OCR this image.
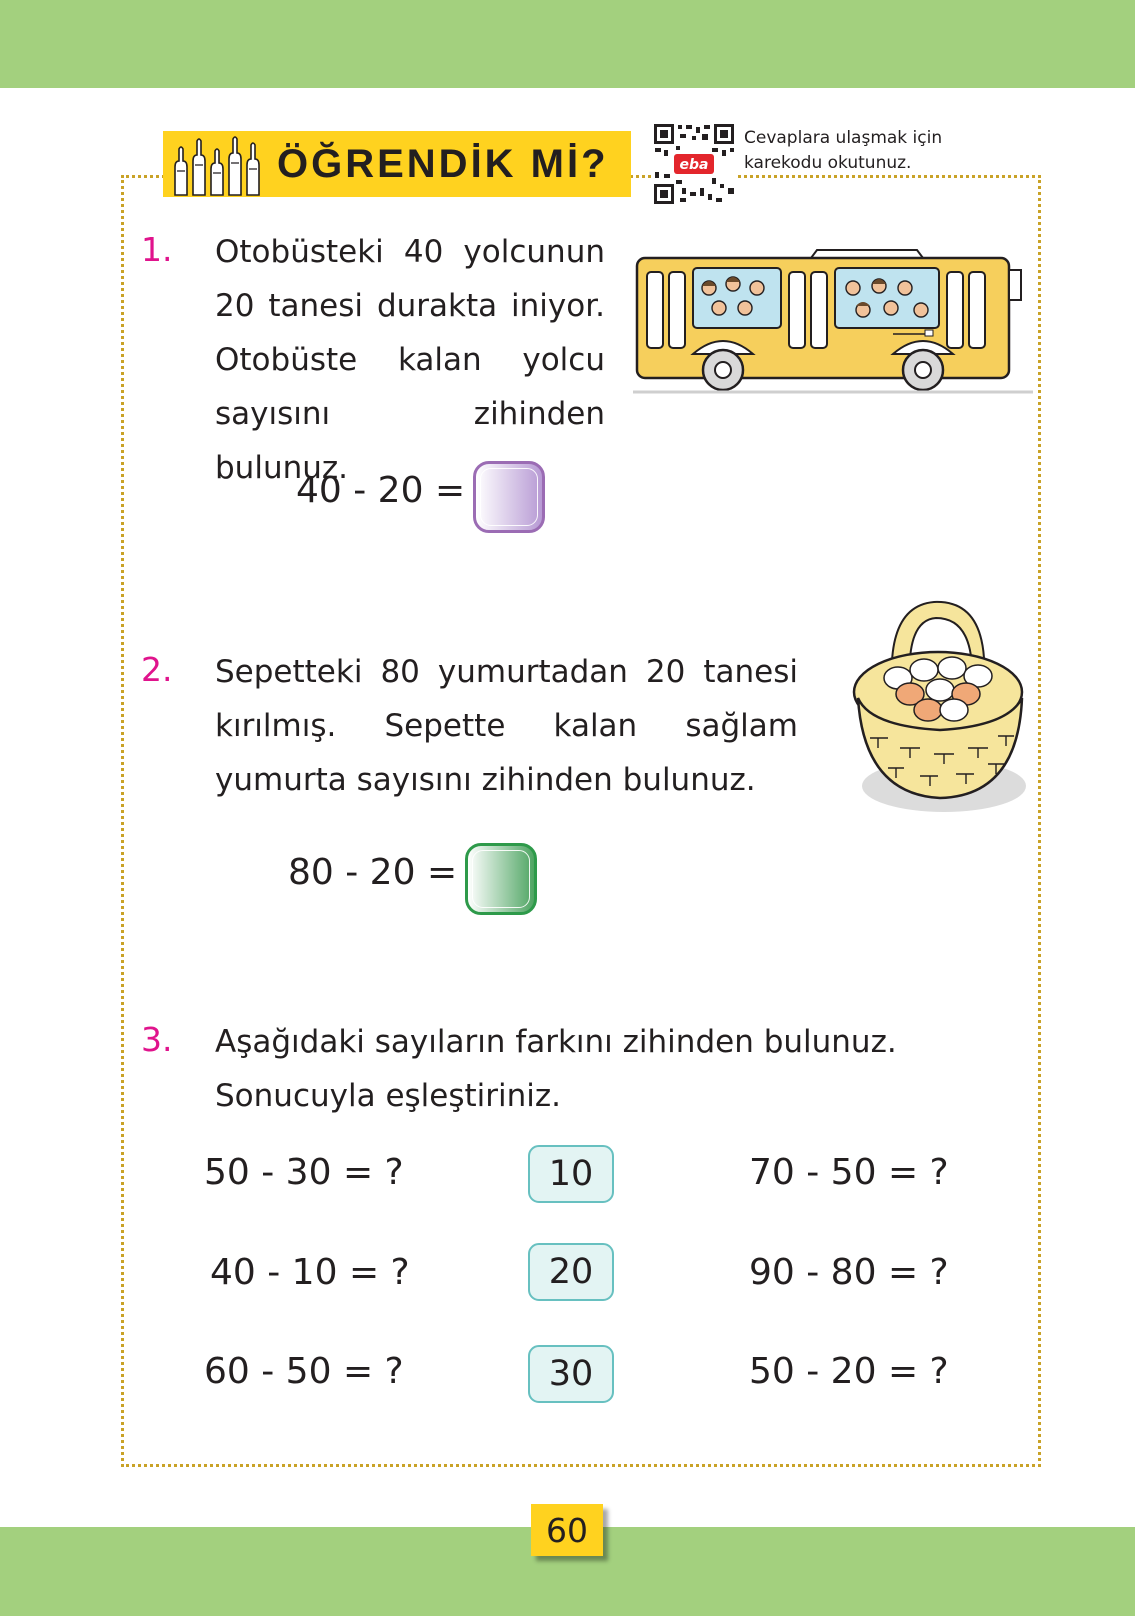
ÖĞRENDİK Mİ?	eba
Cevaplara ulaşmak için karekodu okutunuz.
1. Otobüsteki 40 yolcunun 20 tanesi durakta iniyor. Otobüste kalan yolcu sayısını zihinden bulunuz.
40 - 20 =
2. Sepetteki 80 yumurtadan 20 tanesi kırılmış. Sepette kalan sağlam yumurta sayısını zihinden bulunuz.
80 - 20 =
3. Aşağıdaki sayıların farkını zihinden bulunuz. Sonucuyla eşleştiriniz.
50 - 30 = ?
40 - 10 = ?
60 - 50 = ?
10
20
30
70 - 50 = ?
90 - 80 = ?
50 - 20 = ?
60
